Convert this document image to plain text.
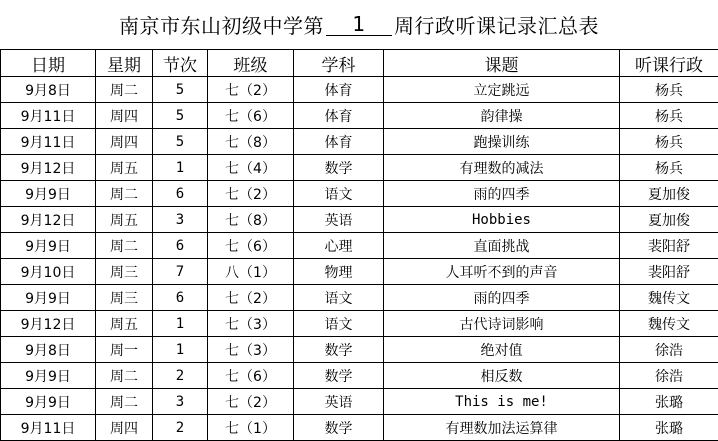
南京市东山初级中学第	1	周行政听课记录汇总表
日期	星期	节次	班级	学科	课题	听课行政
9月8日	周二	5	七（2）	体育	立定跳远	杨兵
9月11日	周四	5	七（6）	体育	韵律操	杨兵
9月11日	周四	5	七（8）	体育	跑操训练	杨兵
9月12日	周五	1	七（4）	数学	有理数的减法	杨兵
9月9日	周二	6	七（2）	语文	雨的四季	夏加俊
9月12日	周五	3	七（8）	英语	Hobbies	夏加俊
9月9日	周二	6	七（6）	心理	直面挑战	裴阳舒
9月10日	周三	7	八（1）	物理	人耳听不到的声音	裴阳舒
9月9日	周三	6	七（2）	语文	雨的四季	魏传文
9月12日	周五	1	七（3）	语文	古代诗词影响	魏传文
9月8日	周一	1	七（3）	数学	绝对值	徐浩
9月9日	周二	2	七（6）	数学	相反数	徐浩
9月9日	周二	3	七（2）	英语	This is me!	张璐
9月11日	周四	2	七（1）	数学	有理数加法运算律	张璐
